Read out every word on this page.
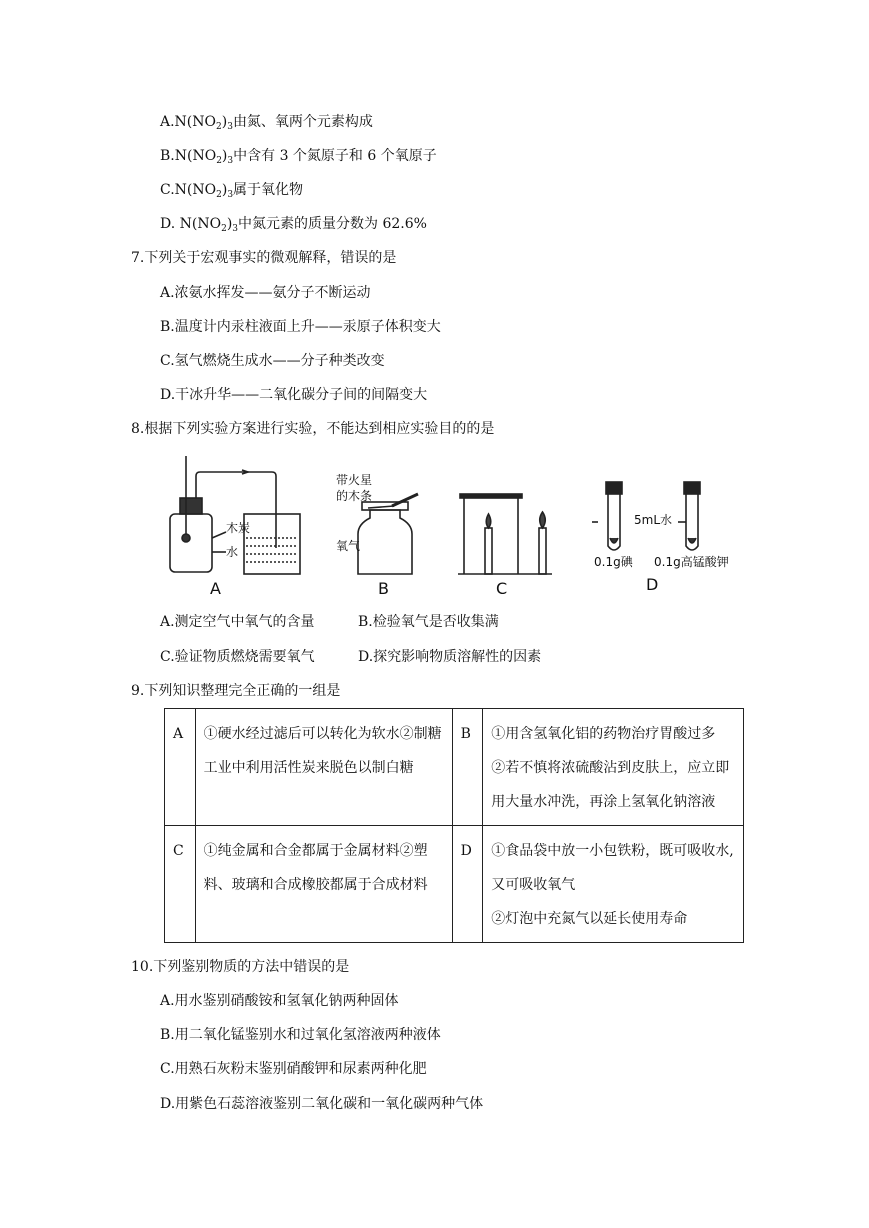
$A.N(NO_2)_3$由氮、氧两个元素构成
$B.N(NO_2)_3$中含有 3 个氮原子和 6 个氧原子
$C.N(NO_2)_3$属于氧化物
D. $N(NO_2)_3$中氮元素的质量分数为 62.6%
7.下列关于宏观事实的微观解释，错误的是
A.浓氨水挥发——氨分子不断运动
B.温度计内汞柱液面上升——汞原子体积变大
C.氢气燃烧生成水——分子种类改变
D.干冰升华——二氧化碳分子间的间隔变大
8.根据下列实验方案进行实验，不能达到相应实验目的的是
木炭
水
A
带火星
的木条
氧气
B	C
5mL水
0.1g碘 0.1g高锰酸钾
D
A.测定空气中氧气的含量	B.检验氧气是否收集满
C.验证物质燃烧需要氧气	D.探究影响物质溶解性的因素
9.下列知识整理完全正确的一组是
A	①硬水经过滤后可以转化为软水②制糖工业中利用活性炭来脱色以制白糖	B	①用含氢氧化铝的药物治疗胃酸过多
②若不慎将浓硫酸沾到皮肤上，应立即用大量水冲洗，再涂上氢氧化钠溶液

C	①纯金属和合金都属于金属材料②塑料、玻璃和合成橡胶都属于合成材料	D	①食品袋中放一小包铁粉，既可吸收水,又可吸收氧气
②灯泡中充氮气以延长使用寿命
10.下列鉴别物质的方法中错误的是
A.用水鉴别硝酸铵和氢氧化钠两种固体
B.用二氧化锰鉴别水和过氧化氢溶液两种液体
C.用熟石灰粉末鉴别硝酸钾和尿素两种化肥
D.用紫色石蕊溶液鉴别二氧化碳和一氧化碳两种气体
